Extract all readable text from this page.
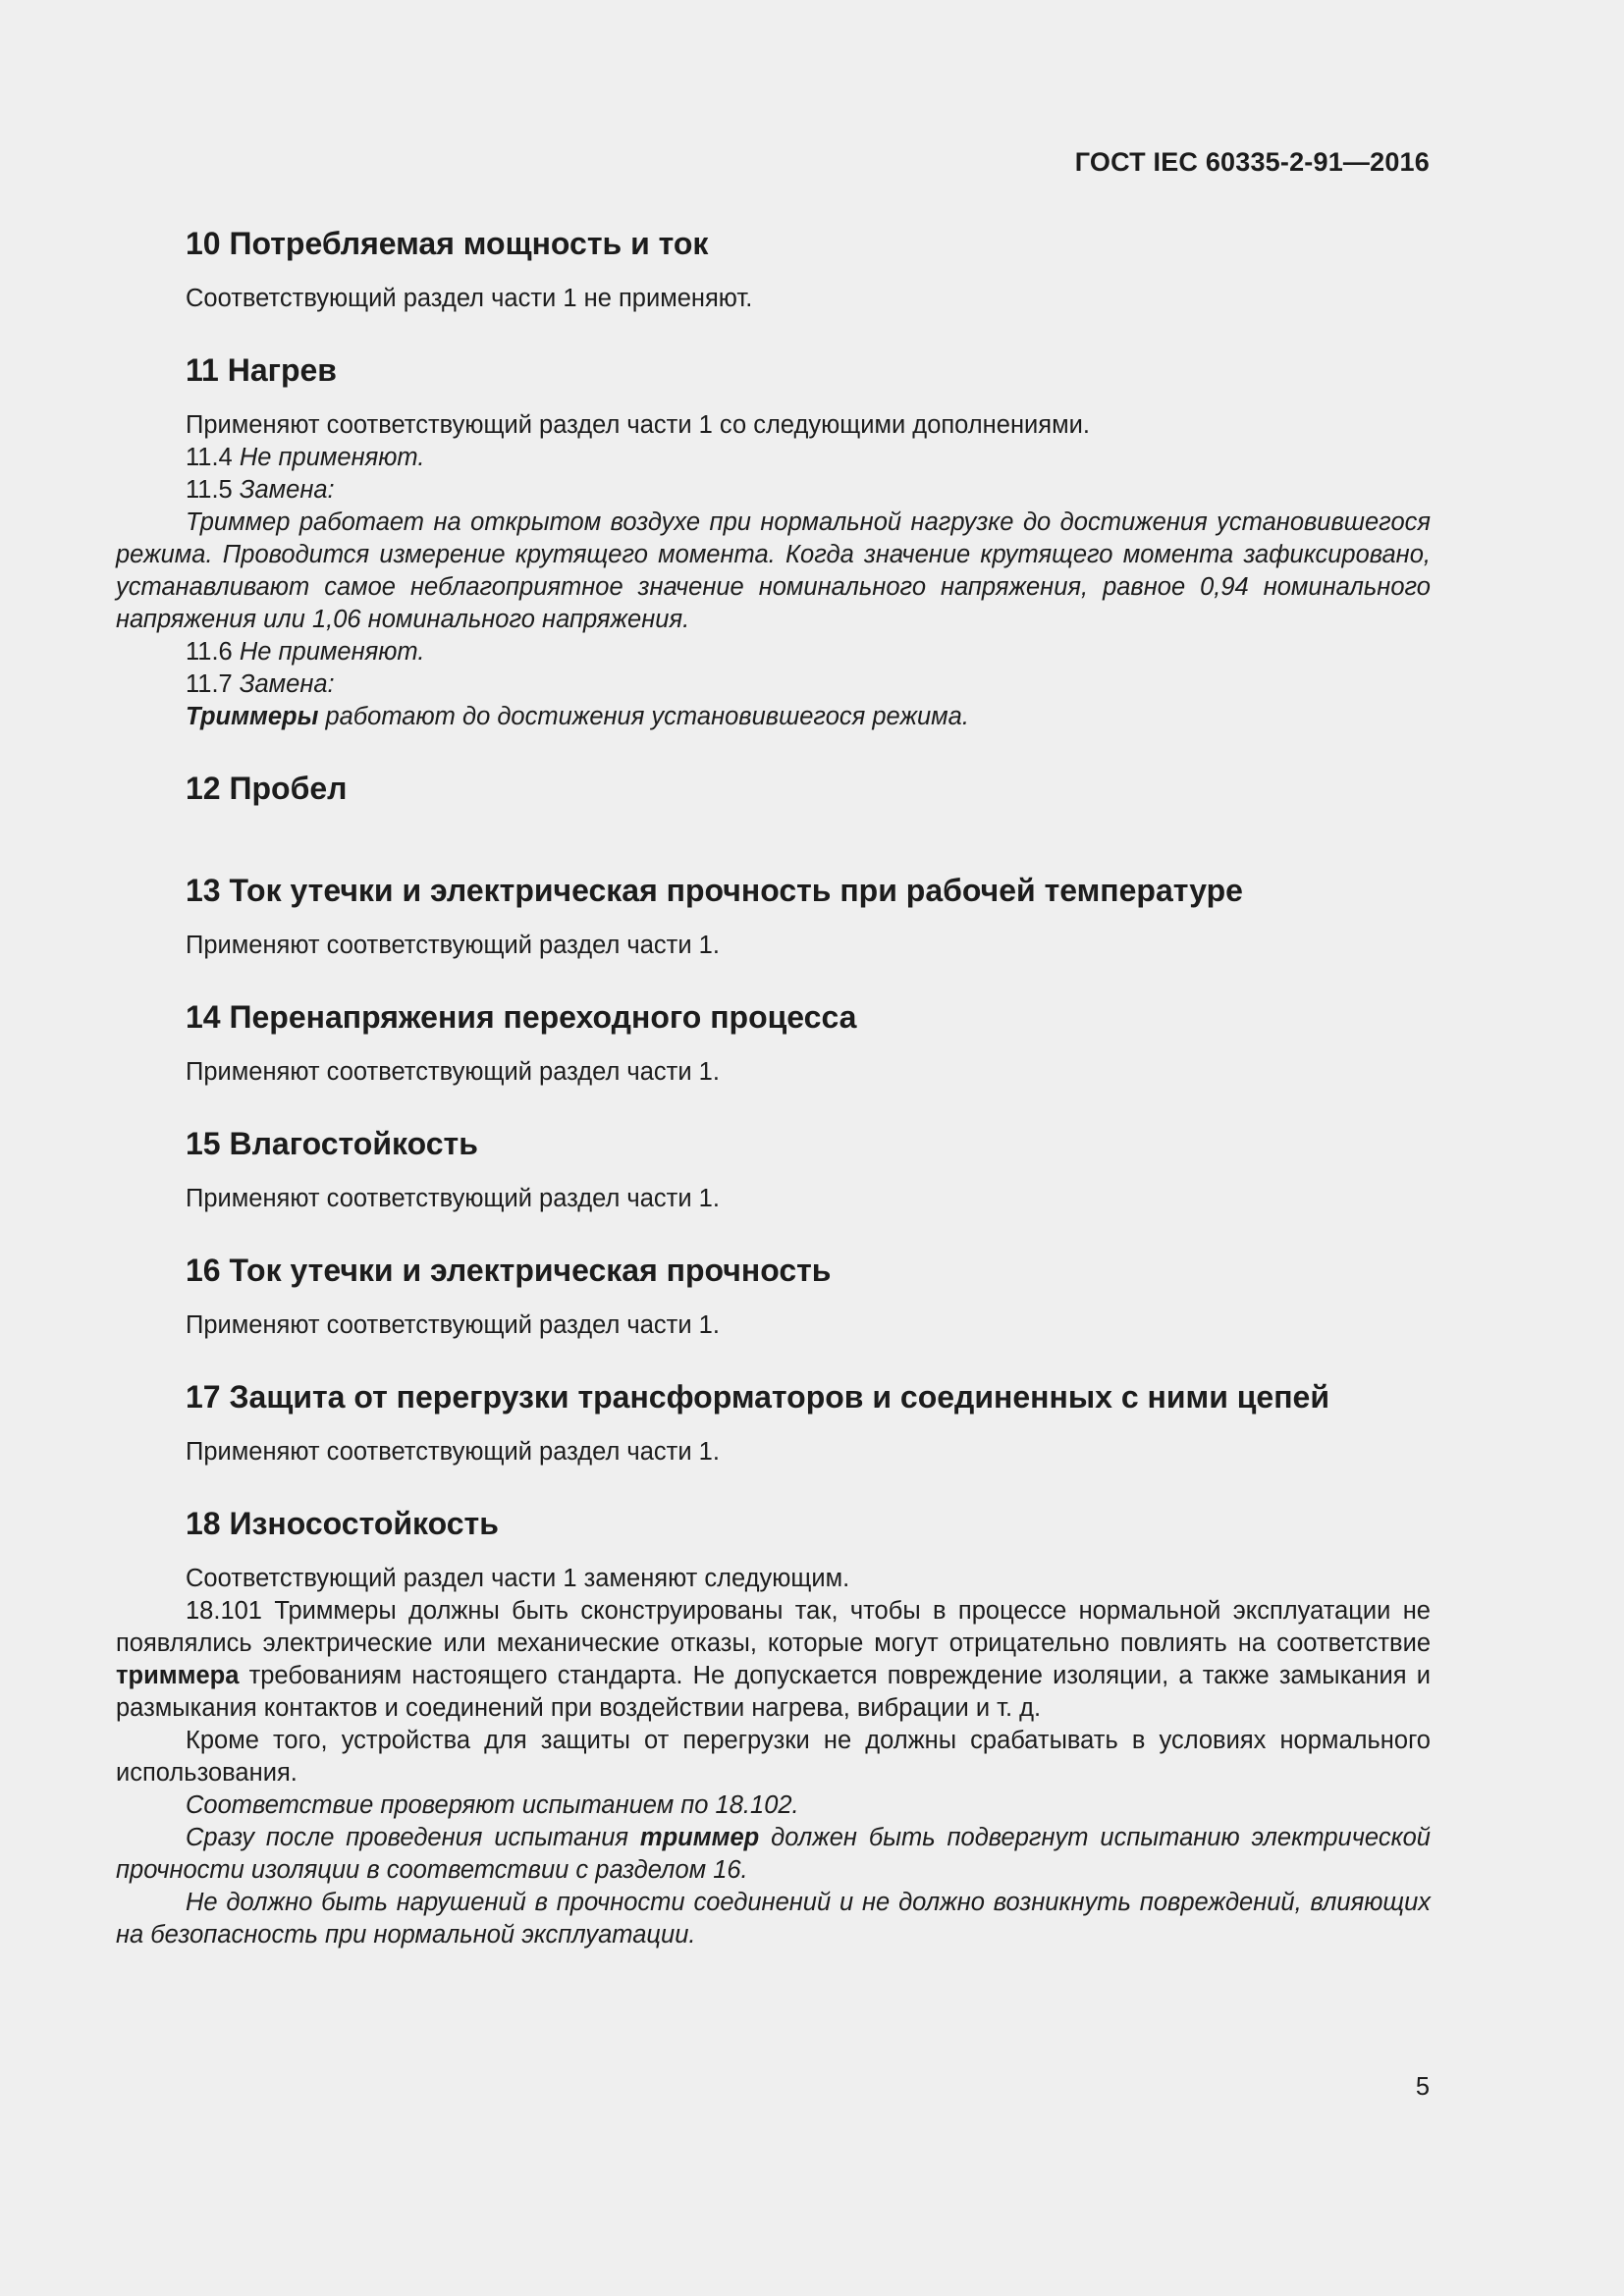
ГОСТ IEC 60335-2-91—2016
10 Потребляемая мощность и ток

Соответствующий раздел части 1 не применяют.

11 Нагрев

Применяют соответствующий раздел части 1 со следующими дополнениями.

11.4 Не применяют.

11.5 Замена:

Триммер работает на открытом воздухе при нормальной нагрузке до достижения установившегося режима. Проводится измерение крутящего момента. Когда значение крутящего момента зафиксировано, устанавливают самое неблагоприятное значение номинального напряжения, равное 0,94 номинального напряжения или 1,06 номинального напряжения.

11.6 Не применяют.

11.7 Замена:

Триммеры работают до достижения установившегося режима.

12 Пробел
13 Ток утечки и электрическая прочность при рабочей температуре

Применяют соответствующий раздел части 1.

14 Перенапряжения переходного процесса

Применяют соответствующий раздел части 1.

15 Влагостойкость

Применяют соответствующий раздел части 1.

16 Ток утечки и электрическая прочность

Применяют соответствующий раздел части 1.

17 Защита от перегрузки трансформаторов и соединенных с ними цепей

Применяют соответствующий раздел части 1.

18 Износостойкость

Соответствующий раздел части 1 заменяют следующим.

18.101 Триммеры должны быть сконструированы так, чтобы в процессе нормальной эксплуатации не появлялись электрические или механические отказы, которые могут отрицательно повлиять на соответствие триммера требованиям настоящего стандарта. Не допускается повреждение изоляции, а также замыкания и размыкания контактов и соединений при воздействии нагрева, вибрации и т. д.

Кроме того, устройства для защиты от перегрузки не должны срабатывать в условиях нормального использования.

Соответствие проверяют испытанием по 18.102.

Сразу после проведения испытания триммер должен быть подвергнут испытанию электрической прочности изоляции в соответствии с разделом 16.

Не должно быть нарушений в прочности соединений и не должно возникнуть повреждений, влияющих на безопасность при нормальной эксплуатации.

5
